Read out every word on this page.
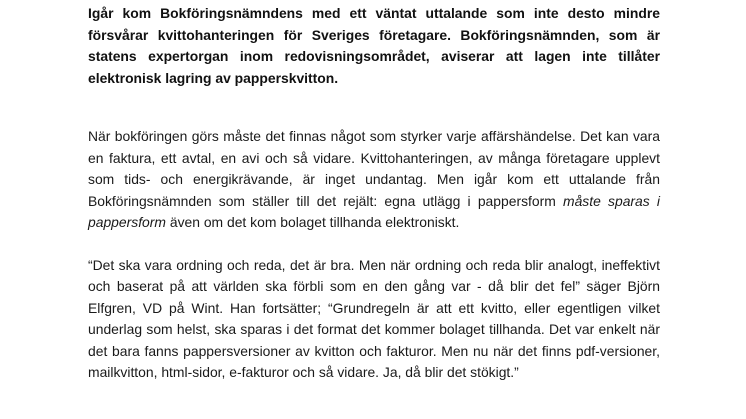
Igår kom Bokföringsnämndens med ett väntat uttalande som inte desto mindre försvårar kvittohanteringen för Sveriges företagare. Bokföringsnämnden, som är statens expertorgan inom redovisningsområdet, aviserar att lagen inte tillåter elektronisk lagring av papperskvitton.

När bokföringen görs måste det finnas något som styrker varje affärshändelse. Det kan vara en faktura, ett avtal, en avi och så vidare. Kvittohanteringen, av många företagare upplevt som tids- och energikrävande, är inget undantag. Men igår kom ett uttalande från Bokföringsnämnden som ställer till det rejält: egna utlägg i pappersform måste sparas i pappersform även om det kom bolaget tillhanda elektroniskt.

“Det ska vara ordning och reda, det är bra. Men när ordning och reda blir analogt, ineffektivt och baserat på att världen ska förbli som en den gång var - då blir det fel” säger Björn Elfgren, VD på Wint. Han fortsätter; “Grundregeln är att ett kvitto, eller egentligen vilket underlag som helst, ska sparas i det format det kommer bolaget tillhanda. Det var enkelt när det bara fanns pappersversioner av kvitton och fakturor. Men nu när det finns pdf-versioner, mailkvitton, html-sidor, e-fakturor och så vidare. Ja, då blir det stökigt.”
